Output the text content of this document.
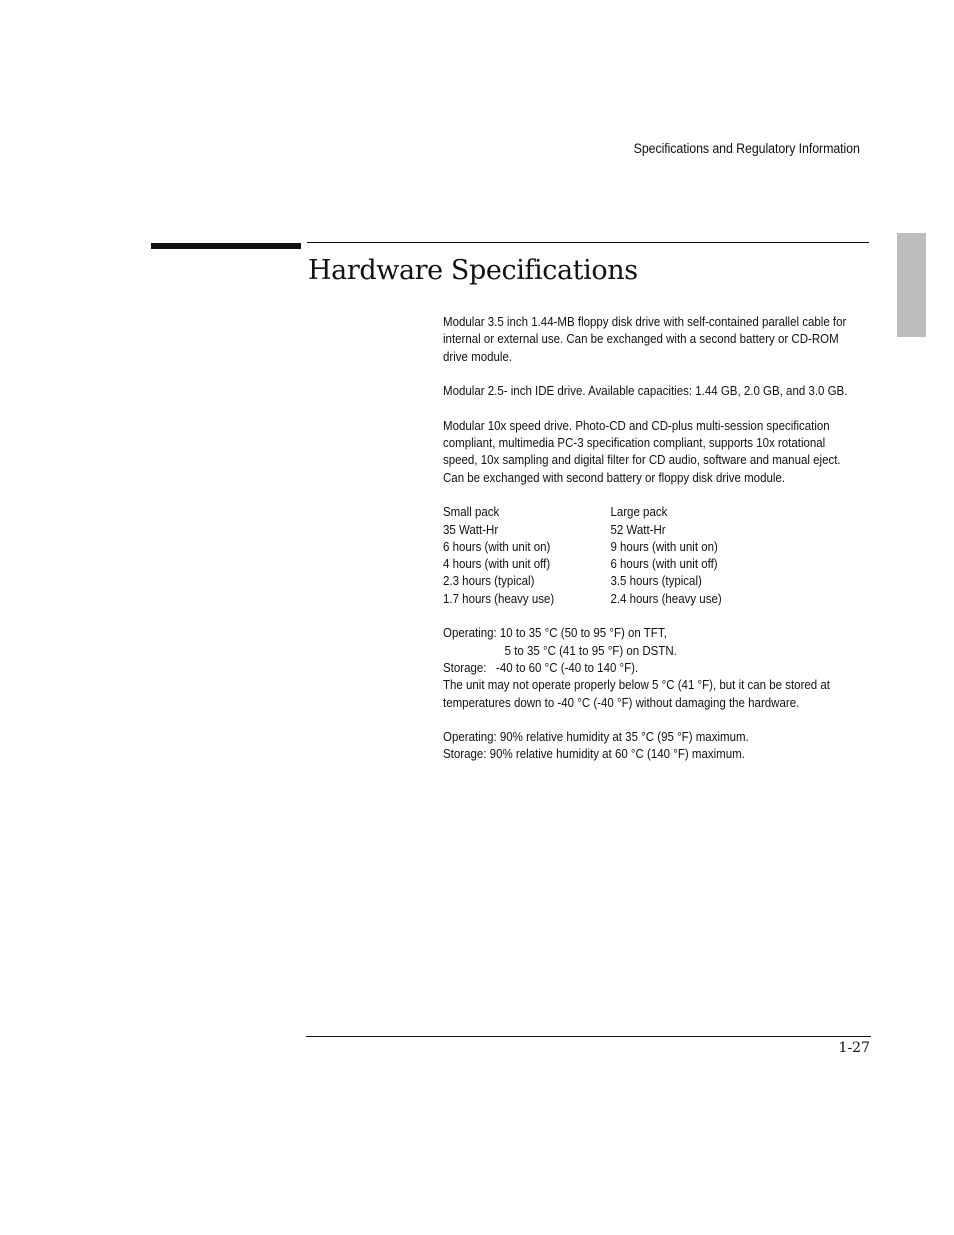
Specifications and Regulatory Information
Hardware Specifications

Modular 3.5 inch 1.44-MB floppy disk drive with self-contained parallel cable for
internal or external use. Can be exchanged with a second battery or CD-ROM
drive module.

Modular 2.5- inch IDE drive. Available capacities: 1.44 GB, 2.0 GB, and 3.0 GB.

Modular 10x speed drive. Photo-CD and CD-plus multi-session specification
compliant, multimedia PC-3 specification compliant, supports 10x rotational
speed, 10x sampling and digital filter for CD audio, software and manual eject.
Can be exchanged with second battery or floppy disk drive module.

Small pack	Large pack
35 Watt-Hr	52 Watt-Hr
6 hours (with unit on)	9 hours (with unit on)
4 hours (with unit off)	6 hours (with unit off)
2.3 hours (typical)	3.5 hours (typical)
1.7 hours (heavy use)	2.4 hours (heavy use)

Operating: 10 to 35 °C (50 to 95 °F) on TFT,
5 to 35 °C (41 to 95 °F) on DSTN.
Storage:   -40 to 60 °C (-40 to 140 °F).
The unit may not operate properly below 5 °C (41 °F), but it can be stored at
temperatures down to -40 °C (-40 °F) without damaging the hardware.

Operating: 90% relative humidity at 35 °C (95 °F) maximum.
Storage: 90% relative humidity at 60 °C (140 °F) maximum.

1-27
